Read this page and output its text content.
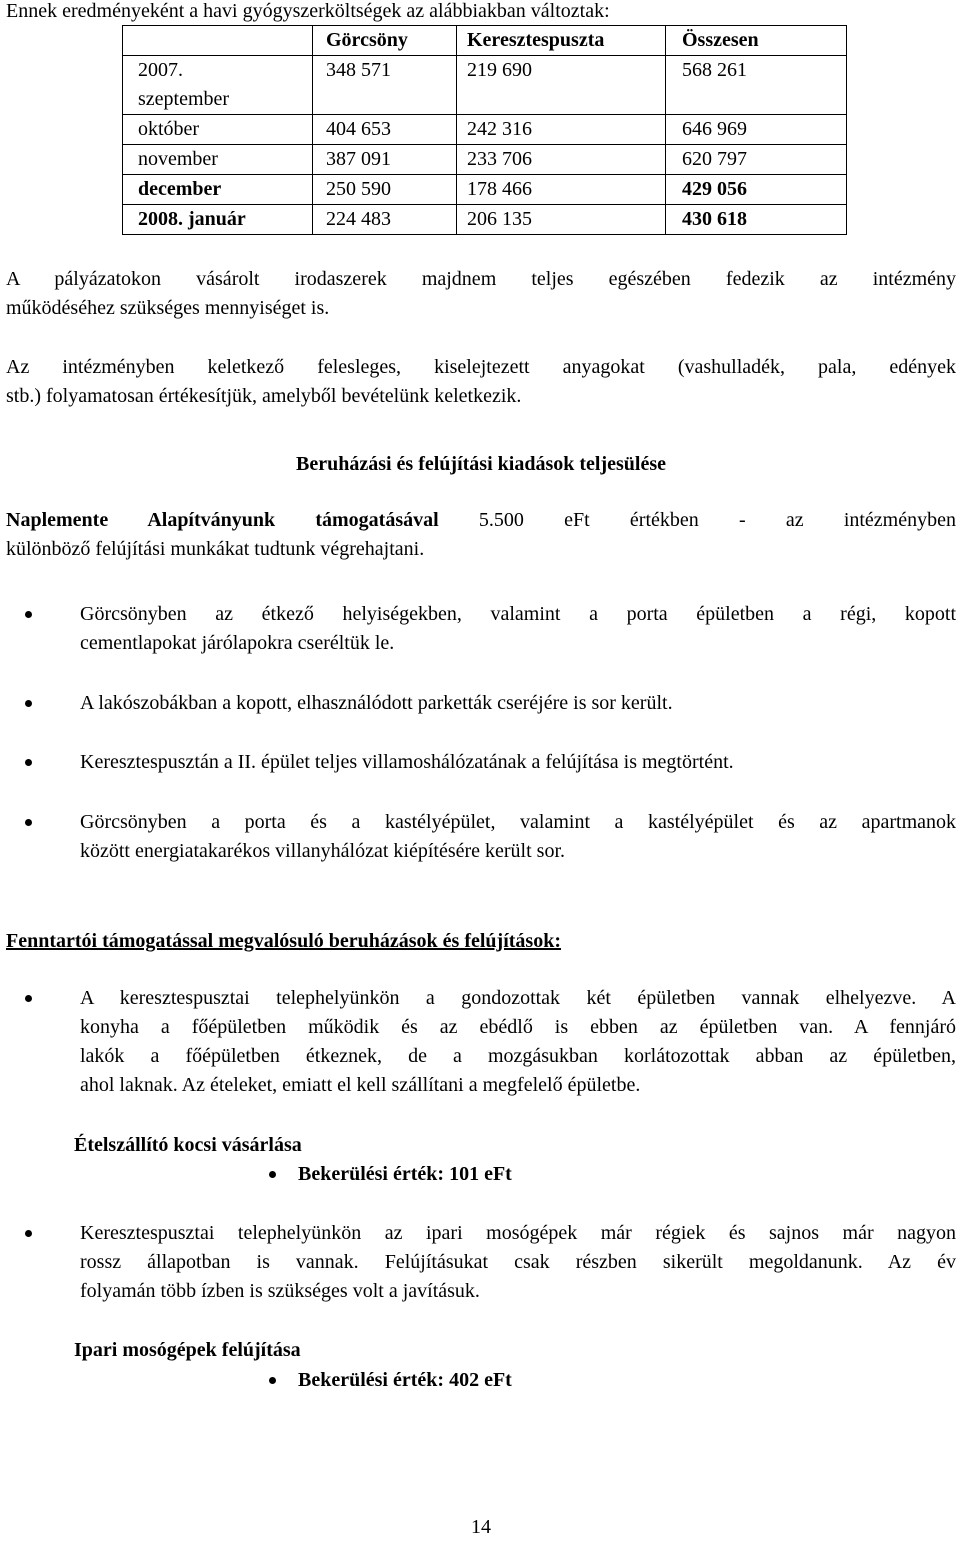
Ennek eredményeként a havi gyógyszerköltségek az alábbiakban változtak:
	Görcsöny	Keresztespuszta	Összesen
2007.
szeptember	348 571	219 690	568 261
október	404 653	242 316	646 969
november	387 091	233 706	620 797
december	250 590	178 466	429 056
2008. január	224 483	206 135	430 618
A pályázatokon vásárolt irodaszerek majdnem teljes egészében fedezik az intézmény
működéséhez szükséges mennyiséget is.
Az intézményben keletkező felesleges, kiselejtezett anyagokat (vashulladék, pala, edények
stb.) folyamatosan értékesítjük, amelyből bevételünk keletkezik.
Beruházási és felújítási kiadások teljesülése
Naplemente Alapítványunk támogatásával 5.500 eFt értékben - az intézményben
különböző felújítási munkákat tudtunk végrehajtani.
Görcsönyben az étkező helyiségekben, valamint a porta épületben a régi, kopott
cementlapokat járólapokra cseréltük le.
A lakószobákban a kopott, elhasználódott parketták cseréjére is sor került.
Keresztespusztán a II. épület teljes villamoshálózatának a felújítása is megtörtént.
Görcsönyben a porta és a kastélyépület, valamint a kastélyépület és az apartmanok
között energiatakarékos villanyhálózat kiépítésére került sor.
A keresztespusztai telephelyünkön a gondozottak két épületben vannak elhelyezve. A
konyha a főépületben működik és az ebédlő is ebben az épületben van. A fennjáró
lakók a főépületben étkeznek, de a mozgásukban korlátozottak abban az épületben,
ahol laknak. Az ételeket, emiatt el kell szállítani a megfelelő épületbe.
Keresztespusztai telephelyünkön az ipari mosógépek már régiek és sajnos már nagyon
rossz állapotban is vannak. Felújításukat csak részben sikerült megoldanunk. Az év
folyamán több ízben is szükséges volt a javításuk.
Fenntartói támogatással megvalósuló beruházások és felújítások:
Ételszállító kocsi vásárlása
Bekerülési érték: 101 eFt
Ipari mosógépek felújítása
Bekerülési érték: 402 eFt
14
